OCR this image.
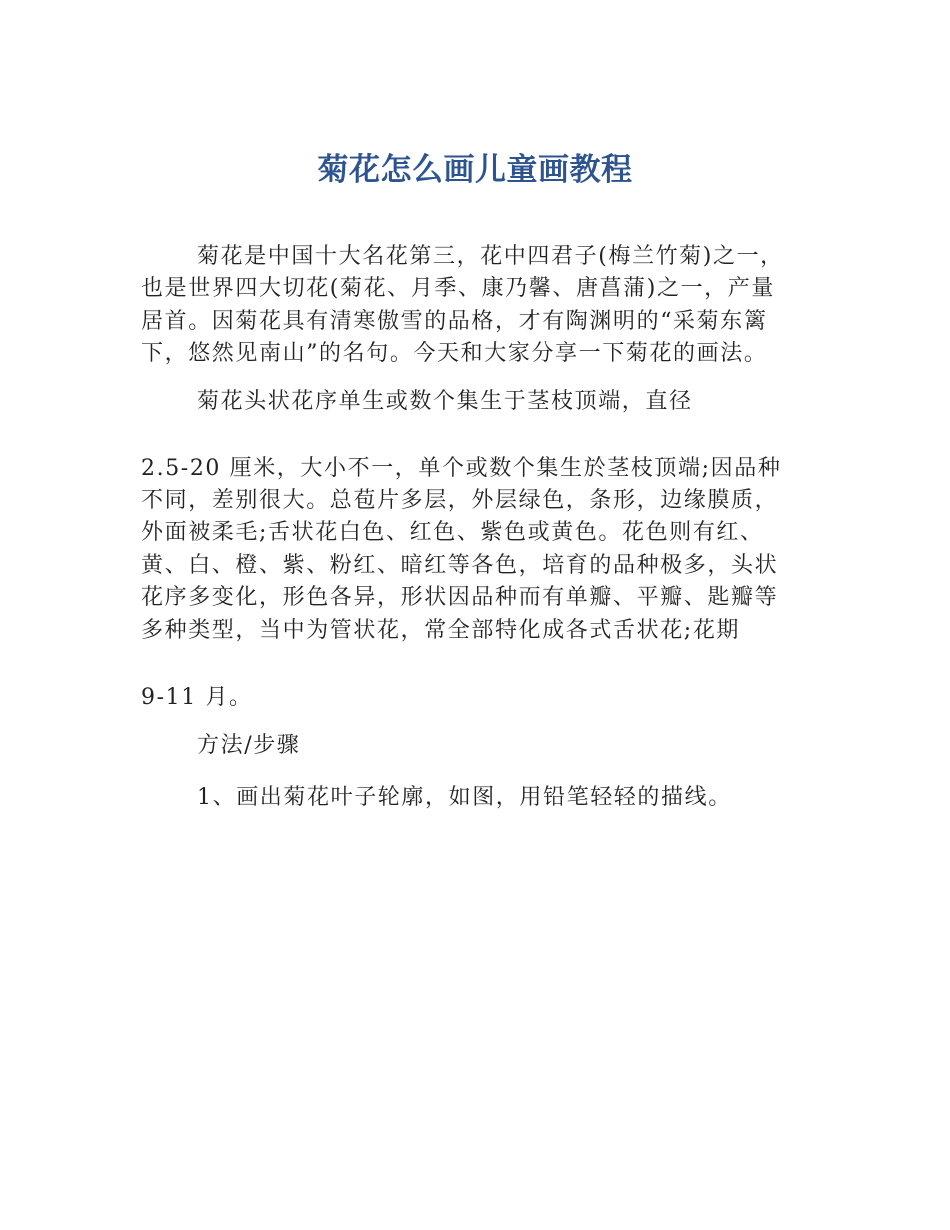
菊花怎么画儿童画教程
菊花是中国十大名花第三，花中四君子(梅兰竹菊)之一，
也是世界四大切花(菊花、月季、康乃馨、唐菖蒲)之一，产量
居首。因菊花具有清寒傲雪的品格，才有陶渊明的“采菊东篱
下，悠然见南山”的名句。今天和大家分享一下菊花的画法。
菊花头状花序单生或数个集生于茎枝顶端，直径
2.5-20 厘米，大小不一，单个或数个集生於茎枝顶端;因品种
不同，差别很大。总苞片多层，外层绿色，条形，边缘膜质，
外面被柔毛;舌状花白色、红色、紫色或黄色。花色则有红、
黄、白、橙、紫、粉红、暗红等各色，培育的品种极多，头状
花序多变化，形色各异，形状因品种而有单瓣、平瓣、匙瓣等
多种类型，当中为管状花，常全部特化成各式舌状花;花期
9-11 月。
方法/步骤
1、画出菊花叶子轮廓，如图，用铅笔轻轻的描线。
